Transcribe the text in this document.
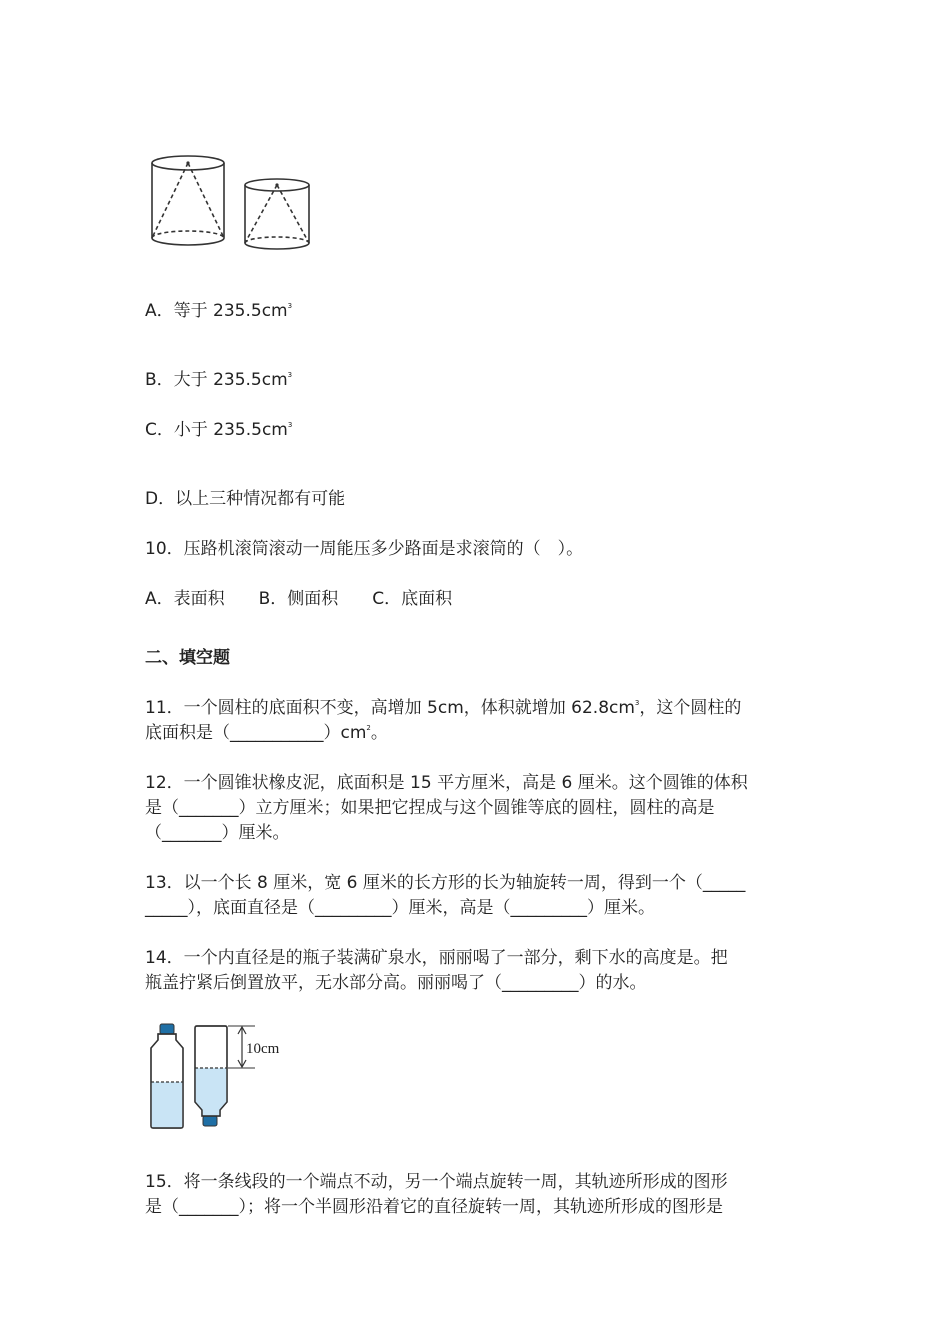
A．等于 $235.5cm^3$
B．大于 $235.5cm^3$
C．小于 $235.5cm^3$
D．以上三种情况都有可能
10．压路机滚筒滚动一周能压多少路面是求滚筒的（　）。
A．表面积　　B．侧面积　　C．底面积
二、填空题
11．一个圆柱的底面积不变，高增加 5cm，体积就增加 $62.8cm^3$，这个圆柱的
底面积是$(\_\_\_\_\_\_\_\_\_\_\_)cm^2$。
12．一个圆锥状橡皮泥，底面积是 15 平方厘米，高是 6 厘米。这个圆锥的体积
是（_______）立方厘米；如果把它捏成与这个圆锥等底的圆柱，圆柱的高是
（_______）厘米。
13．以一个长 8 厘米，宽 6 厘米的长方形的长为轴旋转一周，得到一个（_____
_____），底面直径是（_________）厘米，高是（_________）厘米。
14．一个内直径是的瓶子装满矿泉水，丽丽喝了一部分，剩下水的高度是。把
瓶盖拧紧后倒置放平，无水部分高。丽丽喝了（_________）的水。
10cm
15．将一条线段的一个端点不动，另一个端点旋转一周，其轨迹所形成的图形
是（_______）；将一个半圆形沿着它的直径旋转一周，其轨迹所形成的图形是
